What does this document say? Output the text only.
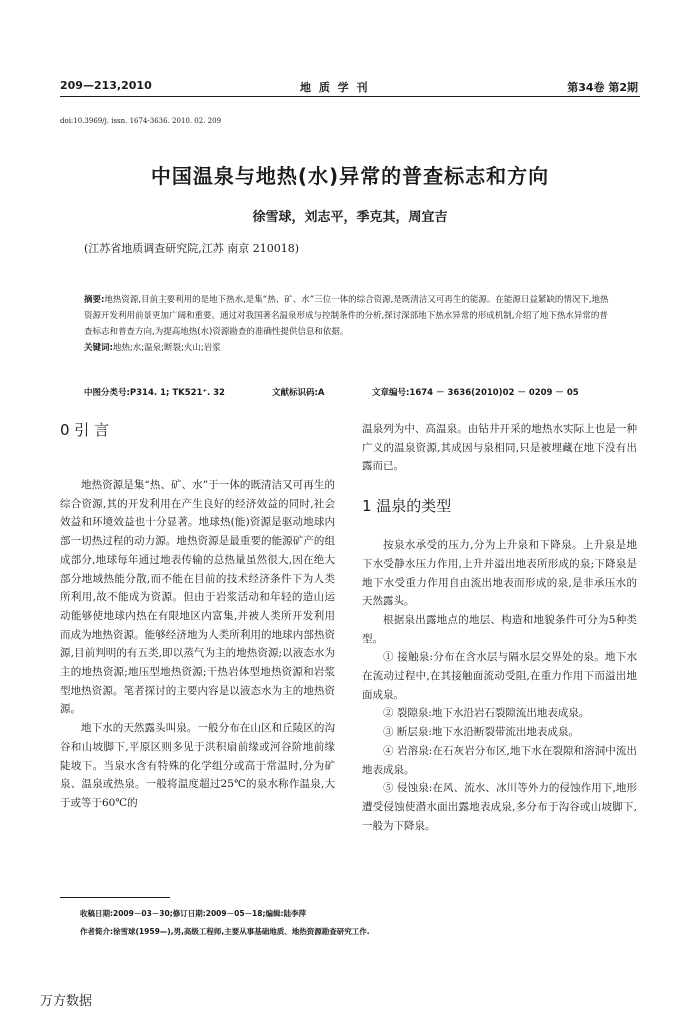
209—213,2010	地 质 学 刊	第34卷 第2期
doi:10.3969/j. issn. 1674-3636. 2010. 02. 209
中国温泉与地热(水)异常的普查标志和方向
徐雪球，刘志平，季克其，周宜吉
(江苏省地质调查研究院,江苏 南京 210018)
摘要:地热资源,目前主要利用的是地下热水,是集“热、矿、水”三位一体的综合资源,是既清洁又可再生的能源。在能源日益紧缺的情况下,地热资源开发利用前景更加广阔和重要。通过对我国著名温泉形成与控制条件的分析,探讨深部地下热水异常的形成机制,介绍了地下热水异常的普查标志和普查方向,为提高地热(水)资源勘查的准确性提供信息和依据。
关键词:地热;水;温泉;断裂;火山;岩浆
中图分类号:P314. 1; TK521⁺. 32	文献标识码:A	文章编号:1674 － 3636(2010)02 － 0209 － 05
0 引 言

地热资源是集“热、矿、水”于一体的既清洁又可再生的综合资源,其的开发利用在产生良好的经济效益的同时,社会效益和环境效益也十分显著。地球热(能)资源是驱动地球内部一切热过程的动力源。地热资源是最重要的能源矿产的组成部分,地球每年通过地表传输的总热量虽然很大,因在绝大部分地域热能分散,而不能在目前的技术经济条件下为人类所利用,故不能成为资源。但由于岩浆活动和年轻的造山运动能够使地球内热在有限地区内富集,并被人类所开发利用而成为地热资源。能够经济地为人类所利用的地球内部热资源,目前判明的有五类,即以蒸气为主的地热资源;以液态水为主的地热资源;地压型地热资源;干热岩体型地热资源和岩浆型地热资源。笔者探讨的主要内容是以液态水为主的地热资源。

地下水的天然露头叫泉。一般分布在山区和丘陵区的沟谷和山坡脚下,平原区则多见于洪积扇前缘或河谷阶地前缘陡坡下。当泉水含有特殊的化学组分或高于常温时,分为矿泉、温泉或热泉。一般将温度超过25℃的泉水称作温泉,大于或等于60℃的

温泉列为中、高温泉。由钻井开采的地热水实际上也是一种广义的温泉资源,其成因与泉相同,只是被埋藏在地下没有出露而已。

1 温泉的类型

按泉水承受的压力,分为上升泉和下降泉。上升泉是地下水受静水压力作用,上升并溢出地表所形成的泉;下降泉是地下水受重力作用自由流出地表而形成的泉,是非承压水的天然露头。

根据泉出露地点的地层、构造和地貌条件可分为5种类型。

① 接触泉:分布在含水层与隔水层交界处的泉。地下水在流动过程中,在其接触面流动受阻,在重力作用下而溢出地面成泉。

② 裂隙泉:地下水沿岩石裂隙流出地表成泉。

③ 断层泉:地下水沿断裂带流出地表成泉。

④ 岩溶泉:在石灰岩分布区,地下水在裂隙和溶洞中流出地表成泉。

⑤ 侵蚀泉:在风、流水、冰川等外力的侵蚀作用下,地形遭受侵蚀使潜水面出露地表成泉,多分布于沟谷或山坡脚下,一般为下降泉。

收稿日期:2009－03－30;修订日期:2009－05－18;编辑:陆李萍
作者简介:徐雪球(1959—),男,高级工程师,主要从事基础地质、地热资源勘查研究工作.
万方数据
